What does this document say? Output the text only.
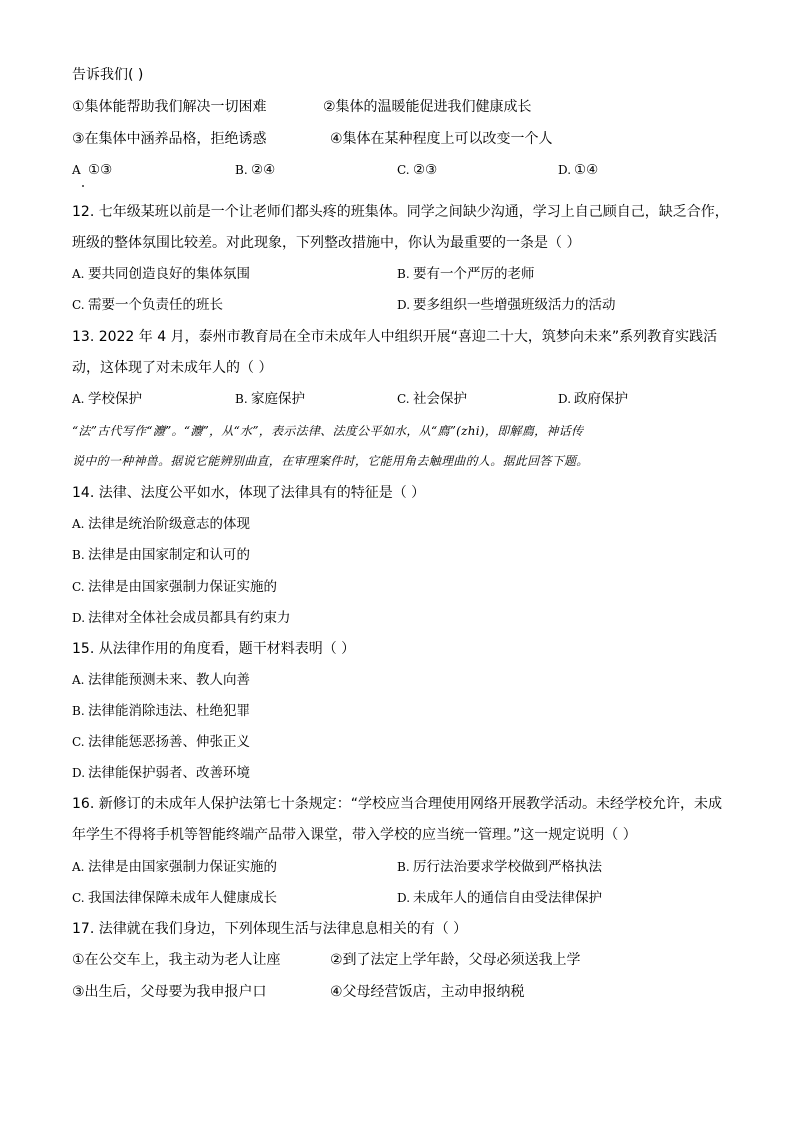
告诉我们( )
①集体能帮助我们解决一切困难	②集体的温暖能促进我们健康成长
③在集体中涵养品格，拒绝诱惑	④集体在某种程度上可以改变一个人
A ①③	B. ②④	C. ②③	D. ①④
12. 七年级某班以前是一个让老师们都头疼的班集体。同学之间缺少沟通，学习上自己顾自己，缺乏合作，
班级的整体氛围比较差。对此现象，下列整改措施中，你认为最重要的一条是（ ）
A. 要共同创造良好的集体氛围	B. 要有一个严厉的老师
C. 需要一个负责任的班长	D. 要多组织一些增强班级活力的活动
13. 2022 年 4 月，泰州市教育局在全市未成年人中组织开展“喜迎二十大，筑梦向未来”系列教育实践活
动，这体现了对未成年人的（ ）
A. 学校保护	B. 家庭保护	C. 社会保护	D. 政府保护
“法”古代写作“灋”。“灋”，从“水”，表示法律、法度公平如水，从“廌”(zhi)，即解廌，神话传
说中的一种神兽。据说它能辨别曲直，在审理案件时，它能用角去触理曲的人。据此回答下题。
14. 法律、法度公平如水，体现了法律具有的特征是（ ）
A. 法律是统治阶级意志的体现
B. 法律是由国家制定和认可的
C. 法律是由国家强制力保证实施的
D. 法律对全体社会成员都具有约束力
15. 从法律作用的角度看，题干材料表明（ ）
A. 法律能预测未来、教人向善
B. 法律能消除违法、杜绝犯罪
C. 法律能惩恶扬善、伸张正义
D. 法律能保护弱者、改善环境
16. 新修订的未成年人保护法第七十条规定：“学校应当合理使用网络开展教学活动。未经学校允许，未成
年学生不得将手机等智能终端产品带入课堂，带入学校的应当统一管理。”这一规定说明（ ）
A. 法律是由国家强制力保证实施的	B. 厉行法治要求学校做到严格执法
C. 我国法律保障未成年人健康成长	D. 未成年人的通信自由受法律保护
17. 法律就在我们身边，下列体现生活与法律息息相关的有（ ）
①在公交车上，我主动为老人让座	②到了法定上学年龄，父母必须送我上学
③出生后，父母要为我申报户口	④父母经营饭店，主动申报纳税
